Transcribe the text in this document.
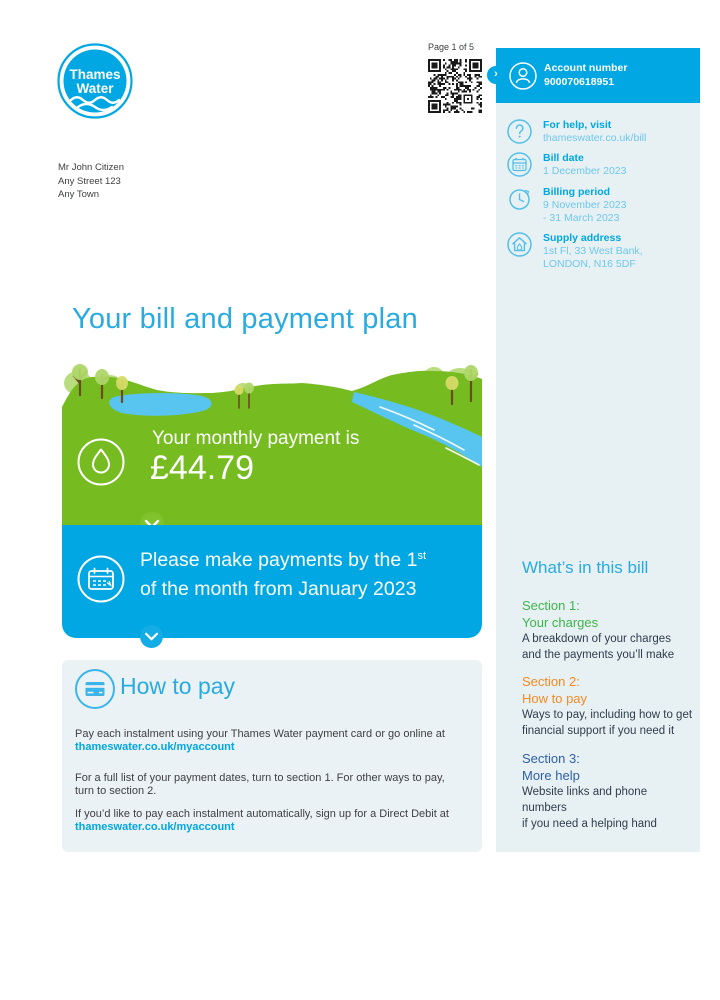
Thames
Water
Mr John Citizen
Any Street 123
Any Town
Page 1 of 5
›	Account number
900070618951
For help, visit
thameswater.co.uk/bill
Bill date
1 December 2023
Billing period
9 November 2023
- 31 March 2023
Supply address
1st Fl, 33 West Bank,
LONDON, N16 5DF
What’s in this bill
Section 1:
Your charges
A breakdown of your charges
and the payments you’ll make
Section 2:
How to pay
Ways to pay, including how to get
financial support if you need it
Section 3:
More help
Website links and phone
numbers
if you need a helping hand
Your bill and payment plan
Your monthly payment is
£44.79
Please make payments by the 1st
of the month from January 2023
How to pay

Pay each instalment using your Thames Water payment card or go online at
thameswater.co.uk/myaccount

For a full list of your payment dates, turn to section 1. For other ways to pay,
turn to section 2.

If you’d like to pay each instalment automatically, sign up for a Direct Debit at
thameswater.co.uk/myaccount
